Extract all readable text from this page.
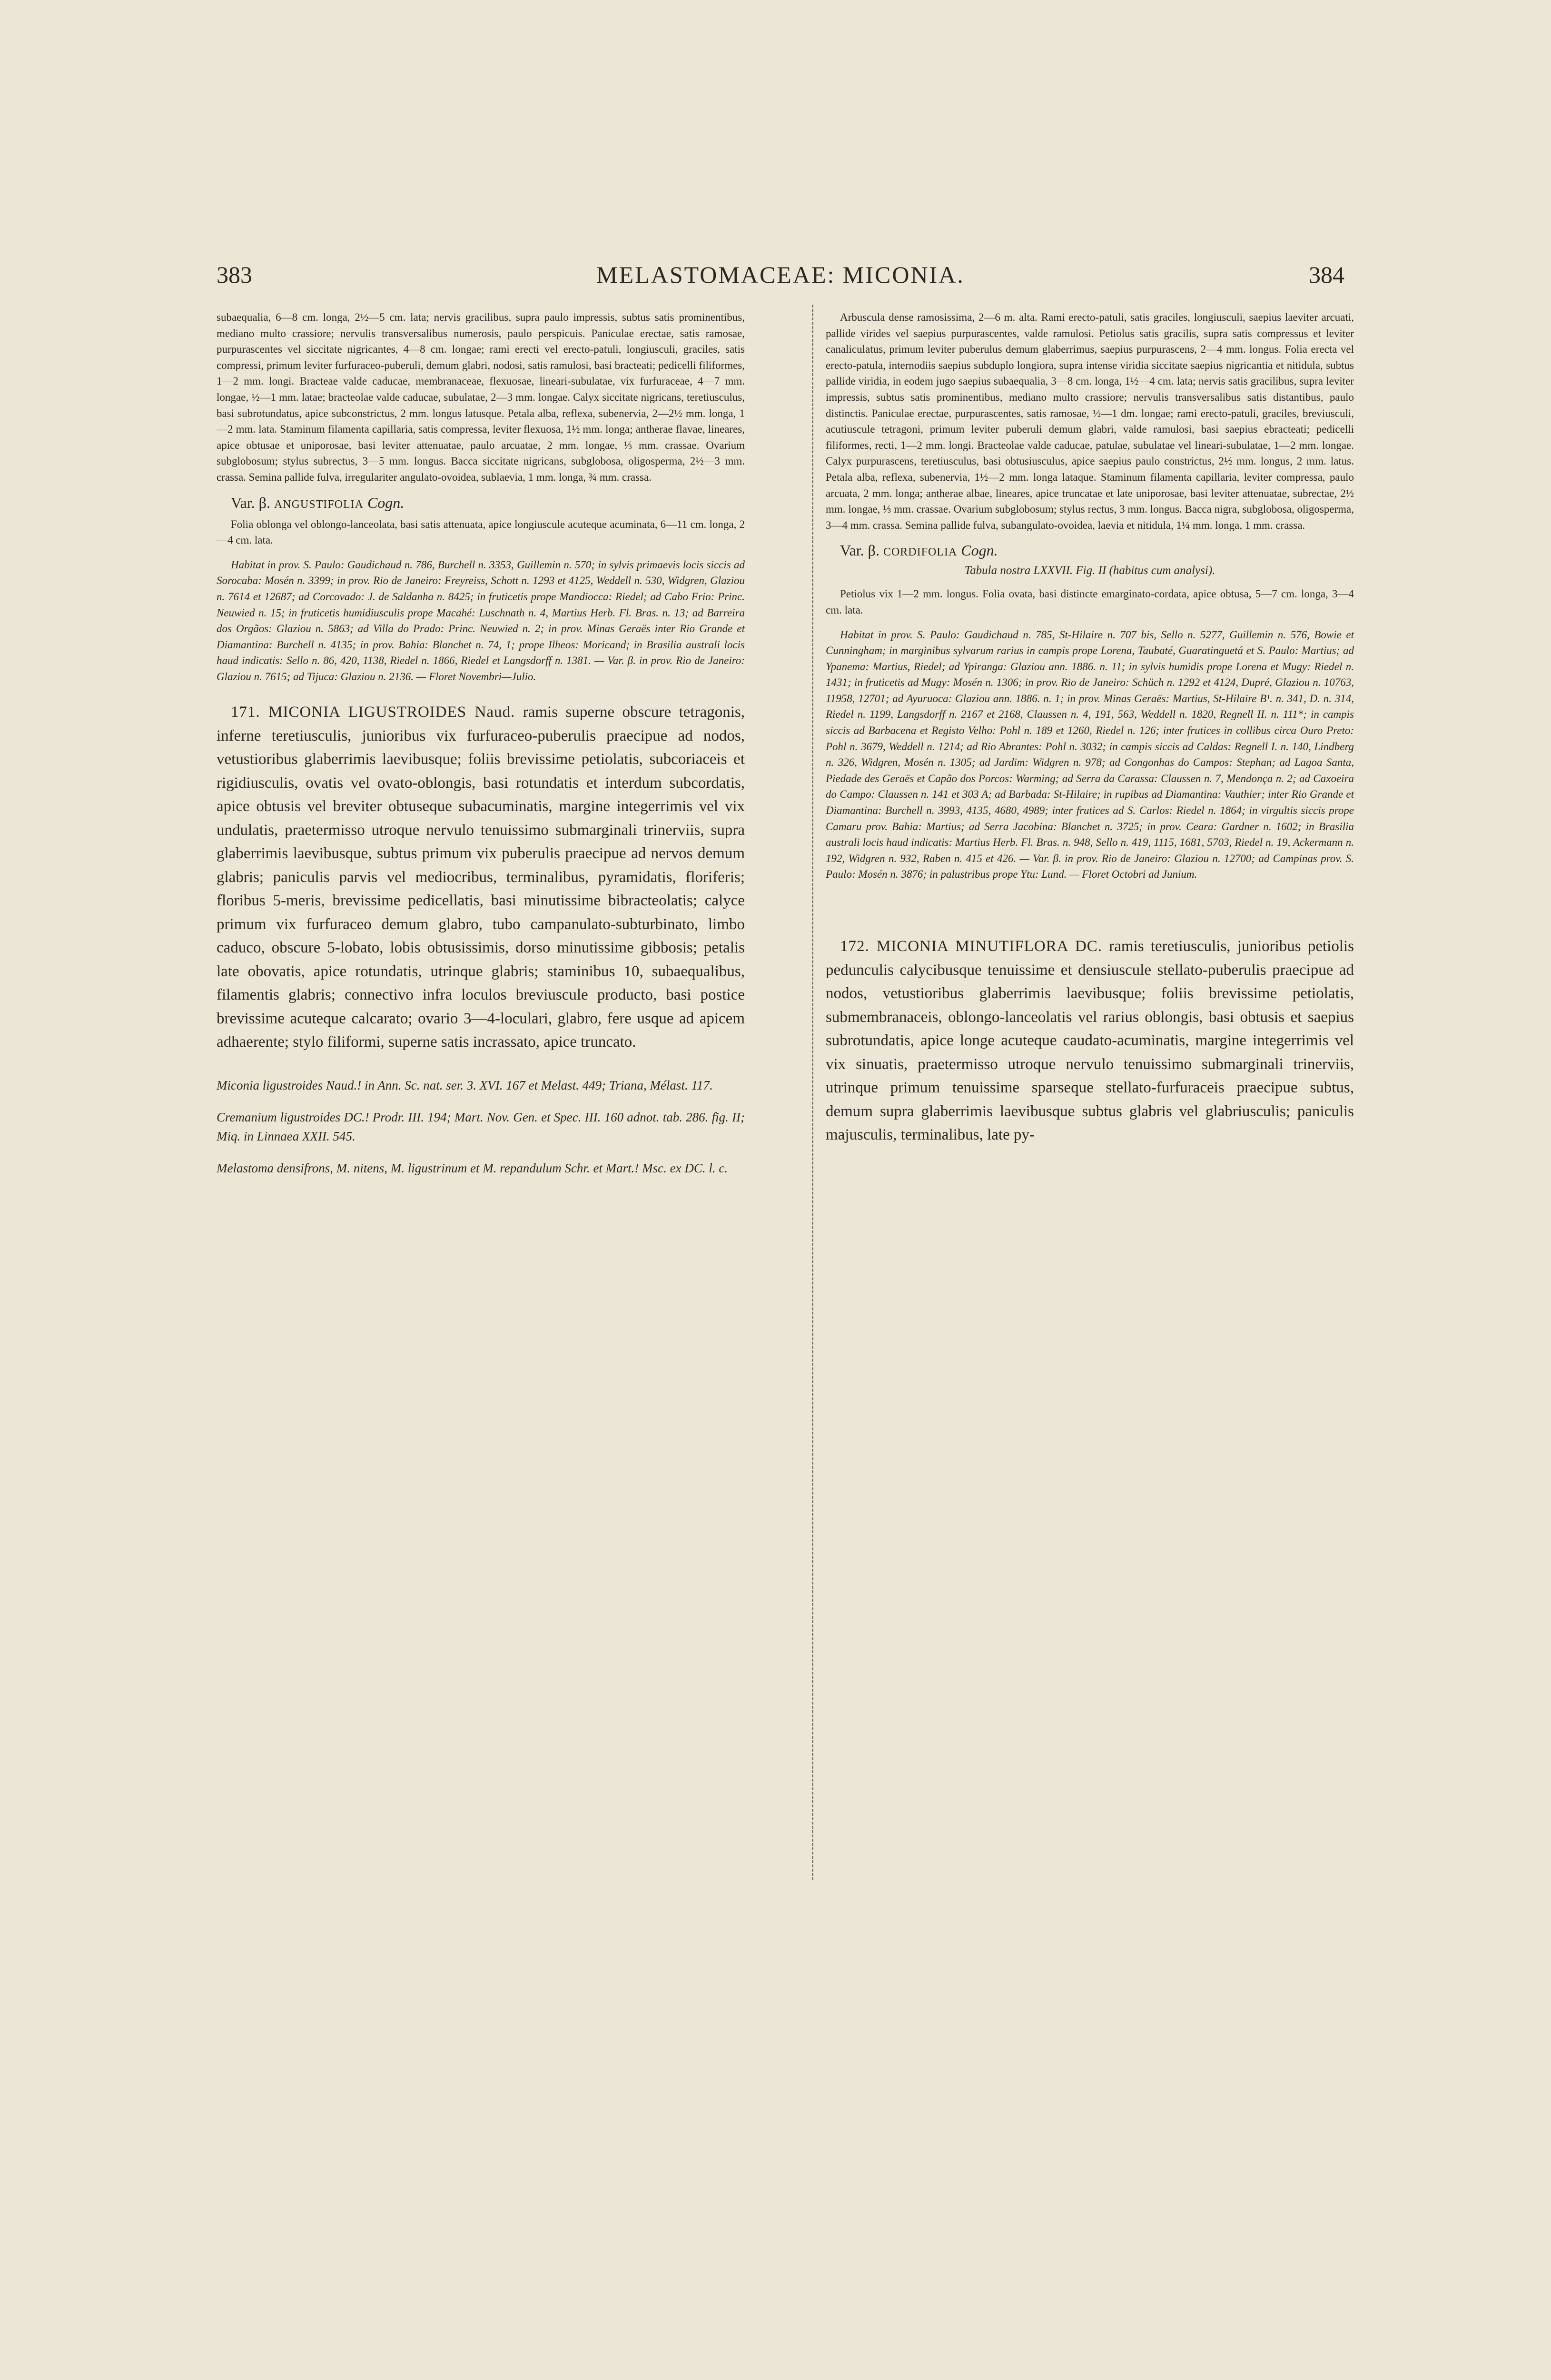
383	MELASTOMACEAE: MICONIA.	384

subaequalia, 6—8 cm. longa, 2½—5 cm. lata; nervis gracilibus, supra paulo impressis, subtus satis prominentibus, mediano multo crassiore; nervulis transversalibus numerosis, paulo perspicuis. Paniculae erectae, satis ramosae, purpurascentes vel siccitate nigricantes, 4—8 cm. longae; rami erecti vel erecto-patuli, longiusculi, graciles, satis compressi, primum leviter furfuraceo-puberuli, demum glabri, nodosi, satis ramulosi, basi bracteati; pedicelli filiformes, 1—2 mm. longi. Bracteae valde caducae, membranaceae, flexuosae, lineari-subulatae, vix furfuraceae, 4—7 mm. longae, ½—1 mm. latae; bracteolae valde caducae, subulatae, 2—3 mm. longae. Calyx siccitate nigricans, teretiusculus, basi subrotundatus, apice subconstrictus, 2 mm. longus latusque. Petala alba, reflexa, subenervia, 2—2½ mm. longa, 1—2 mm. lata. Staminum filamenta capillaria, satis compressa, leviter flexuosa, 1½ mm. longa; antherae flavae, lineares, apice obtusae et uniporosae, basi leviter attenuatae, paulo arcuatae, 2 mm. longae, ⅓ mm. crassae. Ovarium subglobosum; stylus subrectus, 3—5 mm. longus. Bacca siccitate nigricans, subglobosa, oligosperma, 2½—3 mm. crassa. Semina pallide fulva, irregulariter angulato-ovoidea, sublaevia, 1 mm. longa, ¾ mm. crassa.

Var. β. ANGUSTIFOLIA Cogn.

Folia oblonga vel oblongo-lanceolata, basi satis attenuata, apice longiuscule acuteque acuminata, 6—11 cm. longa, 2—4 cm. lata.

Habitat in prov. S. Paulo: Gaudichaud n. 786, Burchell n. 3353, Guillemin n. 570; in sylvis primaevis locis siccis ad Sorocaba: Mosén n. 3399; in prov. Rio de Janeiro: Freyreiss, Schott n. 1293 et 4125, Weddell n. 530, Widgren, Glaziou n. 7614 et 12687; ad Corcovado: J. de Saldanha n. 8425; in fruticetis prope Mandiocca: Riedel; ad Cabo Frio: Princ. Neuwied n. 15; in fruticetis humidiusculis prope Macahé: Luschnath n. 4, Martius Herb. Fl. Bras. n. 13; ad Barreira dos Orgãos: Glaziou n. 5863; ad Villa do Prado: Princ. Neuwied n. 2; in prov. Minas Geraës inter Rio Grande et Diamantina: Burchell n. 4135; in prov. Bahia: Blanchet n. 74, 1; prope Ilheos: Moricand; in Brasilia australi locis haud indicatis: Sello n. 86, 420, 1138, Riedel n. 1866, Riedel et Langsdorff n. 1381. — Var. β. in prov. Rio de Janeiro: Glaziou n. 7615; ad Tijuca: Glaziou n. 2136. — Floret Novembri—Julio.

171. MICONIA LIGUSTROIDES Naud. ramis superne obscure tetragonis, inferne teretiusculis, junioribus vix furfuraceo-puberulis praecipue ad nodos, vetustioribus glaberrimis laevibusque; foliis brevissime petiolatis, subcoriaceis et rigidiusculis, ovatis vel ovato-oblongis, basi rotundatis et interdum subcordatis, apice obtusis vel breviter obtuseque subacuminatis, margine integerrimis vel vix undulatis, praetermisso utroque nervulo tenuissimo submarginali trinerviis, supra glaberrimis laevibusque, subtus primum vix puberulis praecipue ad nervos demum glabris; paniculis parvis vel mediocribus, terminalibus, pyramidatis, floriferis; floribus 5-meris, brevissime pedicellatis, basi minutissime bibracteolatis; calyce primum vix furfuraceo demum glabro, tubo campanulato-subturbinato, limbo caduco, obscure 5-lobato, lobis obtusissimis, dorso minutissime gibbosis; petalis late obovatis, apice rotundatis, utrinque glabris; staminibus 10, subaequalibus, filamentis glabris; connectivo infra loculos breviuscule producto, basi postice brevissime acuteque calcarato; ovario 3—4-loculari, glabro, fere usque ad apicem adhaerente; stylo filiformi, superne satis incrassato, apice truncato.

Miconia ligustroides Naud.! in Ann. Sc. nat. ser. 3. XVI. 167 et Melast. 449; Triana, Mélast. 117.

Cremanium ligustroides DC.! Prodr. III. 194; Mart. Nov. Gen. et Spec. III. 160 adnot. tab. 286. fig. II; Miq. in Linnaea XXII. 545.

Melastoma densifrons, M. nitens, M. ligustrinum et M. repandulum Schr. et Mart.! Msc. ex DC. l. c.

Arbuscula dense ramosissima, 2—6 m. alta. Rami erecto-patuli, satis graciles, longiusculi, saepius laeviter arcuati, pallide virides vel saepius purpurascentes, valde ramulosi. Petiolus satis gracilis, supra satis compressus et leviter canaliculatus, primum leviter puberulus demum glaberrimus, saepius purpurascens, 2—4 mm. longus. Folia erecta vel erecto-patula, internodiis saepius subduplo longiora, supra intense viridia siccitate saepius nigricantia et nitidula, subtus pallide viridia, in eodem jugo saepius subaequalia, 3—8 cm. longa, 1½—4 cm. lata; nervis satis gracilibus, supra leviter impressis, subtus satis prominentibus, mediano multo crassiore; nervulis transversalibus satis distantibus, paulo distinctis. Paniculae erectae, purpurascentes, satis ramosae, ½—1 dm. longae; rami erecto-patuli, graciles, breviusculi, acutiuscule tetragoni, primum leviter puberuli demum glabri, valde ramulosi, basi saepius ebracteati; pedicelli filiformes, recti, 1—2 mm. longi. Bracteolae valde caducae, patulae, subulatae vel lineari-subulatae, 1—2 mm. longae. Calyx purpurascens, teretiusculus, basi obtusiusculus, apice saepius paulo constrictus, 2½ mm. longus, 2 mm. latus. Petala alba, reflexa, subenervia, 1½—2 mm. longa lataque. Staminum filamenta capillaria, leviter compressa, paulo arcuata, 2 mm. longa; antherae albae, lineares, apice truncatae et late uniporosae, basi leviter attenuatae, subrectae, 2½ mm. longae, ⅓ mm. crassae. Ovarium subglobosum; stylus rectus, 3 mm. longus. Bacca nigra, subglobosa, oligosperma, 3—4 mm. crassa. Semina pallide fulva, subangulato-ovoidea, laevia et nitidula, 1¼ mm. longa, 1 mm. crassa.

Var. β. CORDIFOLIA Cogn.
Tabula nostra LXXVII. Fig. II (habitus cum analysi).

Petiolus vix 1—2 mm. longus. Folia ovata, basi distincte emarginato-cordata, apice obtusa, 5—7 cm. longa, 3—4 cm. lata.

Habitat in prov. S. Paulo: Gaudichaud n. 785, St-Hilaire n. 707 bis, Sello n. 5277, Guillemin n. 576, Bowie et Cunningham; in marginibus sylvarum rarius in campis prope Lorena, Taubaté, Guaratinguetá et S. Paulo: Martius; ad Ypanema: Martius, Riedel; ad Ypiranga: Glaziou ann. 1886. n. 11; in sylvis humidis prope Lorena et Mugy: Riedel n. 1431; in fruticetis ad Mugy: Mosén n. 1306; in prov. Rio de Janeiro: Schüch n. 1292 et 4124, Dupré, Glaziou n. 10763, 11958, 12701; ad Ayuruoca: Glaziou ann. 1886. n. 1; in prov. Minas Geraës: Martius, St-Hilaire B¹. n. 341, D. n. 314, Riedel n. 1199, Langsdorff n. 2167 et 2168, Claussen n. 4, 191, 563, Weddell n. 1820, Regnell II. n. 111*; in campis siccis ad Barbacena et Registo Velho: Pohl n. 189 et 1260, Riedel n. 126; inter frutices in collibus circa Ouro Preto: Pohl n. 3679, Weddell n. 1214; ad Rio Abrantes: Pohl n. 3032; in campis siccis ad Caldas: Regnell I. n. 140, Lindberg n. 326, Widgren, Mosén n. 1305; ad Jardim: Widgren n. 978; ad Congonhas do Campos: Stephan; ad Lagoa Santa, Piedade des Geraës et Capão dos Porcos: Warming; ad Serra da Carassa: Claussen n. 7, Mendonça n. 2; ad Caxoeira do Campo: Claussen n. 141 et 303 A; ad Barbada: St-Hilaire; in rupibus ad Diamantina: Vauthier; inter Rio Grande et Diamantina: Burchell n. 3993, 4135, 4680, 4989; inter frutices ad S. Carlos: Riedel n. 1864; in virgultis siccis prope Camaru prov. Bahia: Martius; ad Serra Jacobina: Blanchet n. 3725; in prov. Ceara: Gardner n. 1602; in Brasilia australi locis haud indicatis: Martius Herb. Fl. Bras. n. 948, Sello n. 419, 1115, 1681, 5703, Riedel n. 19, Ackermann n. 192, Widgren n. 932, Raben n. 415 et 426. — Var. β. in prov. Rio de Janeiro: Glaziou n. 12700; ad Campinas prov. S. Paulo: Mosén n. 3876; in palustribus prope Ytu: Lund. — Floret Octobri ad Junium.

172. MICONIA MINUTIFLORA DC. ramis teretiusculis, junioribus petiolis pedunculis calycibusque tenuissime et densiuscule stellato-puberulis praecipue ad nodos, vetustioribus glaberrimis laevibusque; foliis brevissime petiolatis, submembranaceis, oblongo-lanceolatis vel rarius oblongis, basi obtusis et saepius subrotundatis, apice longe acuteque caudato-acuminatis, margine integerrimis vel vix sinuatis, praetermisso utroque nervulo tenuissimo submarginali trinerviis, utrinque primum tenuissime sparseque stellato-furfuraceis praecipue subtus, demum supra glaberrimis laevibusque subtus glabris vel glabriusculis; paniculis majusculis, terminalibus, late py-
